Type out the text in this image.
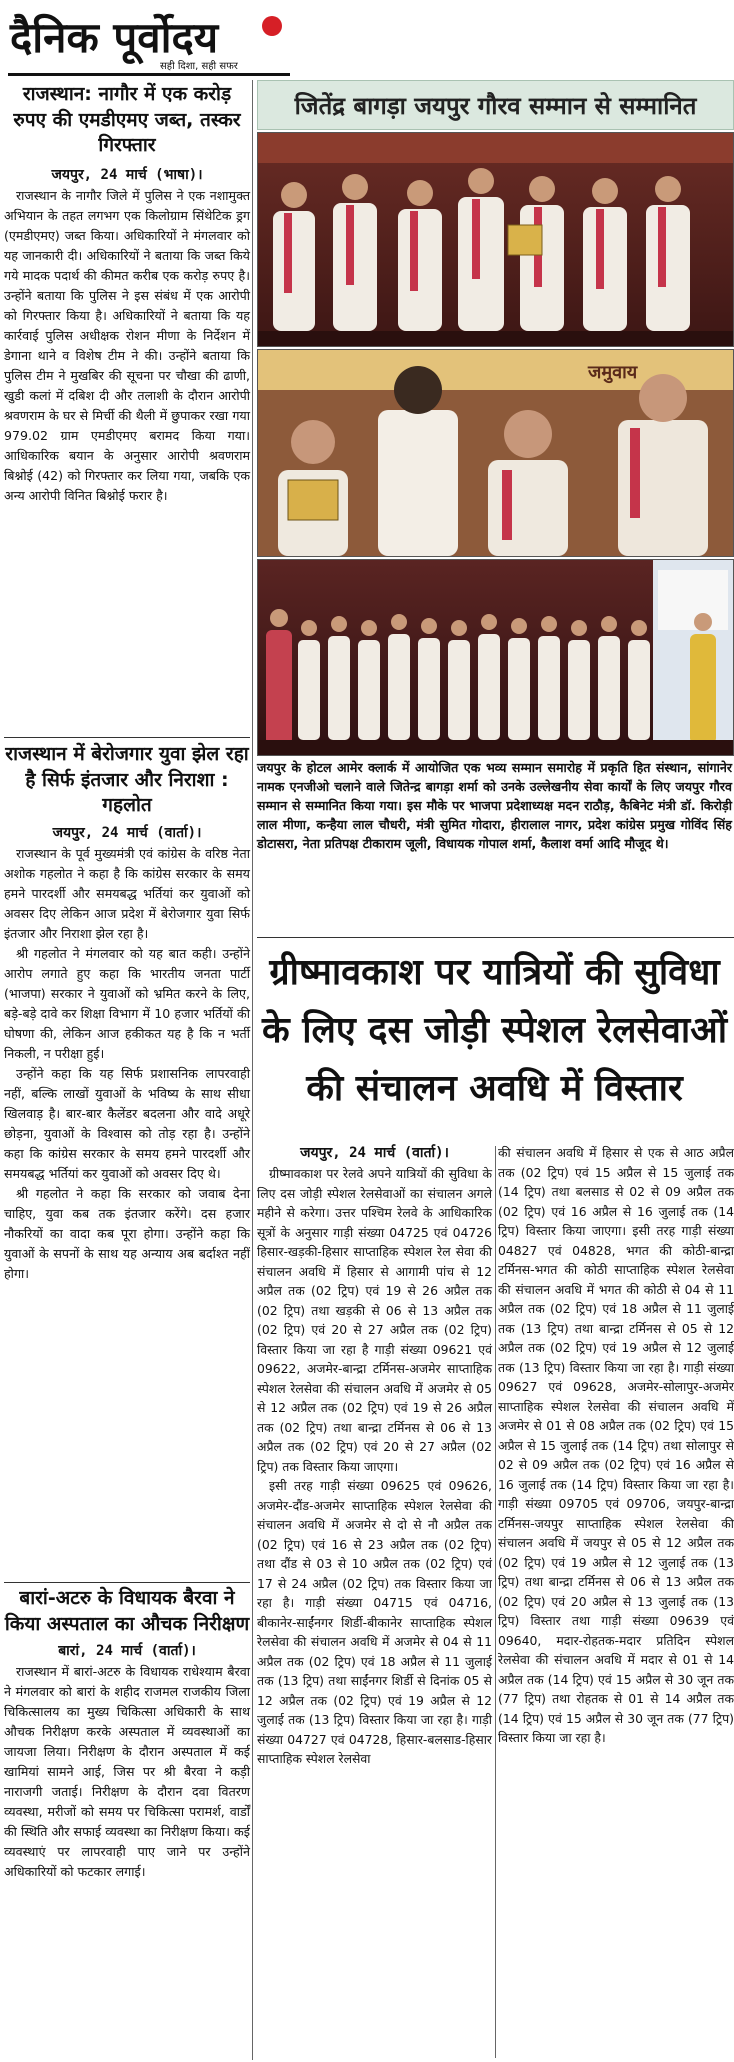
दैनिक पूर्वोदय
सही दिशा, सही सफर
राजस्थान: नागौर में एक करोड़ रुपए की एमडीएमए जब्त, तस्कर गिरफ्तार
जयपुर, 24 मार्च (भाषा)।

राजस्थान के नागौर जिले में पुलिस ने एक नशामुक्त अभियान के तहत लगभग एक किलोग्राम सिंथेटिक ड्रग (एमडीएमए) जब्त किया। अधिकारियों ने मंगलवार को यह जानकारी दी। अधिकारियों ने बताया कि जब्त किये गये मादक पदार्थ की कीमत करीब एक करोड़ रुपए है। उन्होंने बताया कि पुलिस ने इस संबंध में एक आरोपी को गिरफ्तार किया है। अधिकारियों ने बताया कि यह कार्रवाई पुलिस अधीक्षक रोशन मीणा के निर्देशन में डेगाना थाने व विशेष टीम ने की। उन्होंने बताया कि पुलिस टीम ने मुखबिर की सूचना पर चौखा की ढाणी, खुडी कलां में दबिश दी और तलाशी के दौरान आरोपी श्रवणराम के घर से मिर्ची की थैली में छुपाकर रखा गया 979.02 ग्राम एमडीएमए बरामद किया गया। आधिकारिक बयान के अनुसार आरोपी श्रवणराम बिश्नोई (42) को गिरफ्तार कर लिया गया, जबकि एक अन्य आरोपी विनित बिश्नोई फरार है।

राजस्थान में बेरोजगार युवा झेल रहा है सिर्फ इंतजार और निराशा : गहलोत
जयपुर, 24 मार्च (वार्ता)।

राजस्थान के पूर्व मुख्यमंत्री एवं कांग्रेस के वरिष्ठ नेता अशोक गहलोत ने कहा है कि कांग्रेस सरकार के समय हमने पारदर्शी और समयबद्ध भर्तियां कर युवाओं को अवसर दिए लेकिन आज प्रदेश में बेरोजगार युवा सिर्फ इंतजार और निराशा झेल रहा है।

श्री गहलोत ने मंगलवार को यह बात कही। उन्होंने आरोप लगाते हुए कहा कि भारतीय जनता पार्टी (भाजपा) सरकार ने युवाओं को भ्रमित करने के लिए, बड़े-बड़े दावे कर शिक्षा विभाग में 10 हजार भर्तियों की घोषणा की, लेकिन आज हकीकत यह है कि न भर्ती निकली, न परीक्षा हुई।

उन्होंने कहा कि यह सिर्फ प्रशासनिक लापरवाही नहीं, बल्कि लाखों युवाओं के भविष्य के साथ सीधा खिलवाड़ है। बार-बार कैलेंडर बदलना और वादे अधूरे छोड़ना, युवाओं के विश्वास को तोड़ रहा है। उन्होंने कहा कि कांग्रेस सरकार के समय हमने पारदर्शी और समयबद्ध भर्तियां कर युवाओं को अवसर दिए थे।

श्री गहलोत ने कहा कि सरकार को जवाब देना चाहिए, युवा कब तक इंतजार करेंगे। दस हजार नौकरियों का वादा कब पूरा होगा। उन्होंने कहा कि युवाओं के सपनों के साथ यह अन्याय अब बर्दाश्त नहीं होगा।

बारां-अटरु के विधायक बैरवा ने किया अस्पताल का औचक निरीक्षण
बारां, 24 मार्च (वार्ता)।

राजस्थान में बारां-अटरु के विधायक राधेश्याम बैरवा ने मंगलवार को बारां के शहीद राजमल राजकीय जिला चिकित्सालय का मुख्य चिकित्सा अधिकारी के साथ औचक निरीक्षण करके अस्पताल में व्यवस्थाओं का जायजा लिया। निरीक्षण के दौरान अस्पताल में कई खामियां सामने आई, जिस पर श्री बैरवा ने कड़ी नाराजगी जताई। निरीक्षण के दौरान दवा वितरण व्यवस्था, मरीजों को समय पर चिकित्सा परामर्श, वार्डों की स्थिति और सफाई व्यवस्था का निरीक्षण किया। कई व्यवस्थाएं पर लापरवाही पाए जाने पर उन्होंने अधिकारियों को फटकार लगाई।

जितेंद्र बागड़ा जयपुर गौरव सम्मान से सम्मानित
जमुवाय
जयपुर के होटल आमेर क्लार्क में आयोजित एक भव्य सम्मान समारोह में प्रकृति हित संस्थान, सांगानेर नामक एनजीओ चलाने वाले जितेन्द्र बागड़ा शर्मा को उनके उल्लेखनीय सेवा कार्यों के लिए जयपुर गौरव सम्मान से सम्मानित किया गया। इस मौके पर भाजपा प्रदेशाध्यक्ष मदन राठौड़, कैबिनेट मंत्री डॉ. किरोड़ी लाल मीणा, कन्हैया लाल चौधरी, मंत्री सुमित गोदारा, हीरालाल नागर, प्रदेश कांग्रेस प्रमुख गोविंद सिंह डोटासरा, नेता प्रतिपक्ष टीकाराम जूली, विधायक गोपाल शर्मा, कैलाश वर्मा आदि मौजूद थे।
ग्रीष्मावकाश पर यात्रियों की सुविधा के लिए दस जोड़ी स्पेशल रेलसेवाओं की संचालन अवधि में विस्तार
जयपुर, 24 मार्च (वार्ता)।

ग्रीष्मावकाश पर रेलवे अपने यात्रियों की सुविधा के लिए दस जोड़ी स्पेशल रेलसेवाओं का संचालन अगले महीने से करेगा। उत्तर पश्चिम रेलवे के आधिकारिक सूत्रों के अनुसार गाड़ी संख्या 04725 एवं 04726 हिसार-खड़की-हिसार साप्ताहिक स्पेशल रेल सेवा की संचालन अवधि में हिसार से आगामी पांच से 12 अप्रैल तक (02 ट्रिप) एवं 19 से 26 अप्रैल तक (02 ट्रिप) तथा खड़की से 06 से 13 अप्रैल तक (02 ट्रिप) एवं 20 से 27 अप्रैल तक (02 ट्रिप) विस्तार किया जा रहा है गाड़ी संख्या 09621 एवं 09622, अजमेर-बान्द्रा टर्मिनस-अजमेर साप्ताहिक स्पेशल रेलसेवा की संचालन अवधि में अजमेर से 05 से 12 अप्रैल तक (02 ट्रिप) एवं 19 से 26 अप्रैल तक (02 ट्रिप) तथा बान्द्रा टर्मिनस से 06 से 13 अप्रैल तक (02 ट्रिप) एवं 20 से 27 अप्रैल (02 ट्रिप) तक विस्तार किया जाएगा।

इसी तरह गाड़ी संख्या 09625 एवं 09626, अजमेर-दौंड-अजमेर साप्ताहिक स्पेशल रेलसेवा की संचालन अवधि में अजमेर से दो से नौ अप्रैल तक (02 ट्रिप) एवं 16 से 23 अप्रैल तक (02 ट्रिप) तथा दौंड से 03 से 10 अप्रैल तक (02 ट्रिप) एवं 17 से 24 अप्रैल (02 ट्रिप) तक विस्तार किया जा रहा है। गाड़ी संख्या 04715 एवं 04716, बीकानेर-साईंनगर शिर्डी-बीकानेर साप्ताहिक स्पेशल रेलसेवा की संचालन अवधि में अजमेर से 04 से 11 अप्रैल तक (02 ट्रिप) एवं 18 अप्रैल से 11 जुलाई तक (13 ट्रिप) तथा साईंनगर शिर्डी से दिनांक 05 से 12 अप्रैल तक (02 ट्रिप) एवं 19 अप्रैल से 12 जुलाई तक (13 ट्रिप) विस्तार किया जा रहा है। गाड़ी संख्या 04727 एवं 04728, हिसार-बलसाड-हिसार साप्ताहिक स्पेशल रेलसेवा

की संचालन अवधि में हिसार से एक से आठ अप्रैल तक (02 ट्रिप) एवं 15 अप्रैल से 15 जुलाई तक (14 ट्रिप) तथा बलसाड से 02 से 09 अप्रैल तक (02 ट्रिप) एवं 16 अप्रैल से 16 जुलाई तक (14 ट्रिप) विस्तार किया जाएगा। इसी तरह गाड़ी संख्या 04827 एवं 04828, भगत की कोठी-बान्द्रा टर्मिनस-भगत की कोठी साप्ताहिक स्पेशल रेलसेवा की संचालन अवधि में भगत की कोठी से 04 से 11 अप्रैल तक (02 ट्रिप) एवं 18 अप्रैल से 11 जुलाई तक (13 ट्रिप) तथा बान्द्रा टर्मिनस से 05 से 12 अप्रैल तक (02 ट्रिप) एवं 19 अप्रैल से 12 जुलाई तक (13 ट्रिप) विस्तार किया जा रहा है। गाड़ी संख्या 09627 एवं 09628, अजमेर-सोलापुर-अजमेर साप्ताहिक स्पेशल रेलसेवा की संचालन अवधि में अजमेर से 01 से 08 अप्रैल तक (02 ट्रिप) एवं 15 अप्रैल से 15 जुलाई तक (14 ट्रिप) तथा सोलापुर से 02 से 09 अप्रैल तक (02 ट्रिप) एवं 16 अप्रैल से 16 जुलाई तक (14 ट्रिप) विस्तार किया जा रहा है। गाड़ी संख्या 09705 एवं 09706, जयपुर-बान्द्रा टर्मिनस-जयपुर साप्ताहिक स्पेशल रेलसेवा की संचालन अवधि में जयपुर से 05 से 12 अप्रैल तक (02 ट्रिप) एवं 19 अप्रैल से 12 जुलाई तक (13 ट्रिप) तथा बान्द्रा टर्मिनस से 06 से 13 अप्रैल तक (02 ट्रिप) एवं 20 अप्रैल से 13 जुलाई तक (13 ट्रिप) विस्तार तथा गाड़ी संख्या 09639 एवं 09640, मदार-रोहतक-मदार प्रतिदिन स्पेशल रेलसेवा की संचालन अवधि में मदार से 01 से 14 अप्रैल तक (14 ट्रिप) एवं 15 अप्रैल से 30 जून तक (77 ट्रिप) तथा रोहतक से 01 से 14 अप्रैल तक (14 ट्रिप) एवं 15 अप्रैल से 30 जून तक (77 ट्रिप) विस्तार किया जा रहा है।
